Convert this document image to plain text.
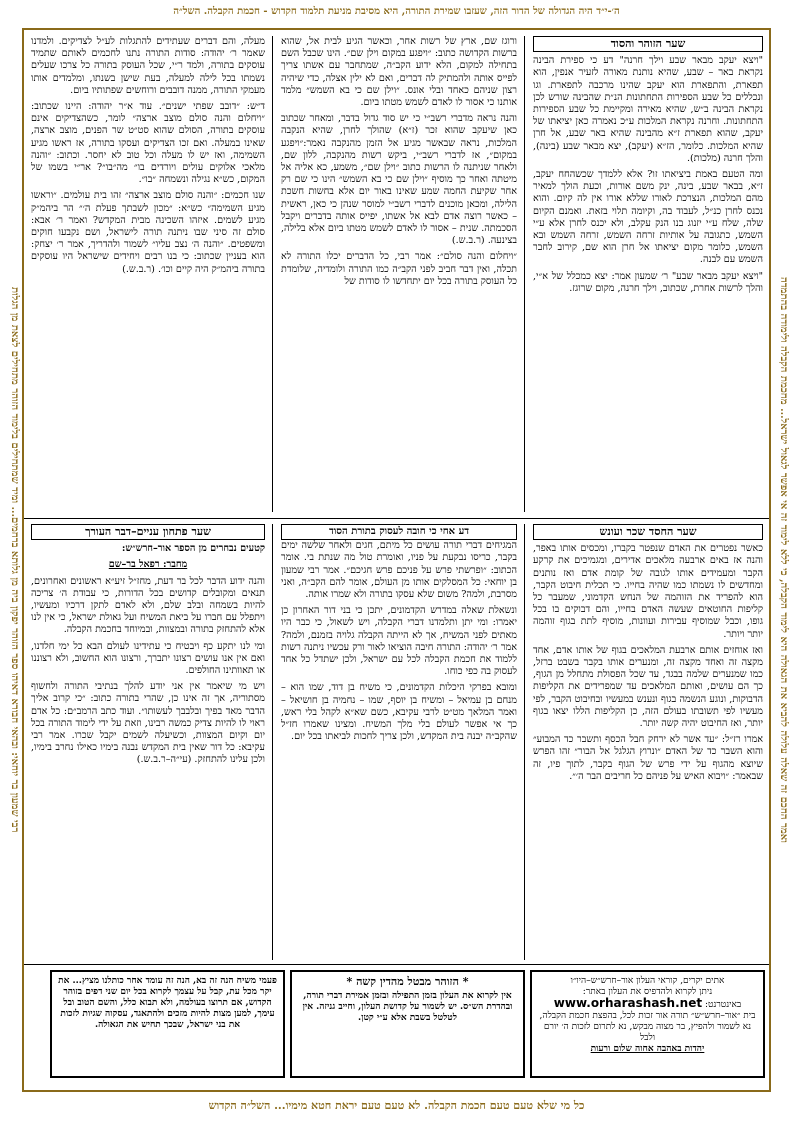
ה׳-י״ד היה הגדולה של הדור הזה, שעזבו שמירת התורה, היא מסיבת מניעת תלמוד חקדוש - חכמת הקבלה. השל״ה
רבי שמעון בר יוחאי: ובהאי חבורא דאיהו ספר הזוהר יפקון ביה מן גלותא ברחמים... ומיד שמתחילים בלימוד הזוהר מתחילים לצאת מן הגלות	ואמר החכם זה שאלה עלולה להביא את הגאולה היא לימוד הקבלה, כי ללא לימוד זה אי אפשר לגאול ישראל... מחכמת הקבלה ולימודה בהתמדה
שער הזוהר והסוד

"ויצא יעקב מבאר שבע וילך חרנה" דע כי ספירת הבינה נקראת באר – שבע, שהיא נותנת מאורה לזעיר אנפין, הוא תפארת, והתפארת הוא יעקב שהינו מרכבה לתפארת. וגו ונכללים כל שבע הספירות התחתונות הנ״ת שהבינה שורש לכן נקראת הבינה ב״ש, שהיא מאירה ומקיימת כל שבע הספירות התחתונות. וחרנה נקראת המלכות ע״כ נאמרה כאן יציאתו של יעקב, שהוא תפארת ז״א מהבינה שהיא באר שבע, אל חרן שהיא המלכות. כלומר, הז״א (יעקב), יצא מבאר שבע (בינה), והלך חרנה (מלכות).

ומה הטעם באמת ביציאתו זו? אלא ללמדך שכשהחח יעקב, ז״א, בבאר שבע, בינה, ינק משם אורות, וכעת הולך למאיר מהם המלכות, הנצרכת לאורו שללא אורו אין לה קיום. והוא נכנס לחרן כנ״ל, לעבוד בה, וקיומה תלוי בזאת. ואמנם הקיום שלה, שלח ע״י יזנוג בנו הנק עקלב, ולא יכנס לחרן אלא ע״י השמש, כתגובה על אותיות זרחה השמש, זרחה השמש ובא השמש, כלומר מקום יציאתו אל חרן הוא שם, קירוב לחבר השמש עם לבנה.

"ויצא יעקב מבאר שבע" ר׳ שמעון אמר: יצא כמכלל של א״י, והלך לרשות אחרת, שכתוב, וילך חרנה, מקום שרוגז.

ורוגז שם, ארץ של רשות אחר, וכאשר הגיע לבית אל, שהוא ברשות הקדושה כתוב: ״ויפגע במקום וילן שם״. הינו שכבל השם בתחילה למקום, הלא ידוע הקב״ה, שמתחבר עם אשתו צריך לפייס אותה ולהמתיק לה דברים, ואם לא ילין אצלה, כדי שיהיה רצון שניהם כאחד ובלי אונס. ״וילן שם כי בא השמש״ מלמד אותנו כי אסור לו לאדם לשמש מטתו ביום.

והנה נראה מדברי רשב״י כי יש סוד גדול בדבר, ומאחר שכתוב כאן שיעקב שהוא זכר (ז״א) שהולך לחרן, שהיא הנקבה המלכות, נראה שבאשר מגיע אל הזמן מהנקבה נאמר:״ויפגע במקום״, אז לדברי רשב״י, ביקש רשות מהנקבה, ללון שם, ולאחר שניתנה לו הרשות כתוב ״וילן שם״, משמע, כא אליה אל מיטתה ואחר כך מוסיף ״וילן שם כי בא השמש״ הינו כי שם רק אחר שקיעת החמה שמע שאינו באור יום אלא בחשות חשכת הלילה, ומכאן מוכנים לדברי רשב״י למוסר שנהן כי כאן, ראשית – כאשר רוצה אדם לבא אל אשתו, יפייס אותה בדברים ויקבל הסכמתה. שנית – אסור לו לאדם לשמש מטתו ביום אלא בלילה, בצינעה. (ר.ב.ש.)

״ויחלום והנה סולם״: אמר רבי, כל הדברים יכלו התורה לא תכלה, ואין דבר חביב לפני הקב״ה כמו התורה ולומדיה, שלומדת כל העוסק בתורה בכל יום יתחדשו לו סודות של

מעלה, והם דברים שעתידים להתגלות לע״ל לצדיקים. ולמדנו שאמר ר׳ יהודה: סודות התורה נתנו לחכמים לאותם שתמיד עוסקים בתורה, ולמד ר״י, שכל העוסק בתורה כל צרכו שעלים נשמתו בכל לילה למעלה, בעת שישן בשנתו, ומלמדים אותו מעמקי התורה, ממנה דובבים ורוחשים שפתותיו ביום.

ד״ש: ״דובב שפתי ישנים״. עוד א״ר יהודה: היינו שכתוב: ״ויחלום והנה סולם מוצב ארצה״ לומר, כשהצדיקים אינם עוסקים בתורה, הסולם שהוא סט״ט שר הפנים, מוצב ארצה, שאינו במעלה. ואם זכו הצדיקים ועסקו בתורה, אז ראשו מגיע השמימה, ואז יש לו מעלה וכל טוב לא יחסר. וכתוב: ״והנה מלאכי אלוקים עולים ויורדים בו״ מה״בו״? אר״י בשמו של המקום, כש״א נגילה ונשמחה ״בו״.

שנו חכמים: ״והנה סולם מוצב ארצה״ זהו בית עולמים. ״וראשו מגיע השמימה״ כש״א: ״מכון לשבתך פעלת ה׳״ הר ביהמ״ק מגיע לשמים. איזהו השכינה מבית המקדש? ואמר ר׳ אבא: סולם זה סיני שבו ניתנה תורה לישראל, ושם נקבעו חוקים ומשפטים. ״והנה ה׳ נצב עליו״ לשמור ולהדריך, אמר ר׳ יצחק: הוא בעניין שכתוב: כי בנו רבים ויחידים שישראל היו עוסקים בתורה ביהמ״ק היה קיים וכו׳. (ר.ב.ש.)

שער החסד שכר ועונש

כאשר נפטרים את האדם שנפטר בקברו, ומכסים אותו באפר, והנה אז באים ארבעה מלאכים אדירים, ומגמיכים את קרקע הקבר ומעמידים אותו לגובה של קומת אדם ואז נותנים ומחדשים לו נשמתו כמו שהיה בחייו. כי תכלית חיבוט הקבר, הוא להפריד את הזוהמה של הנחש הקדמוני, שמעבר כל קליפות החוטאים שעשה האדם בחייו, והם דבוקים בו בכל גופו, וכבל שמוסיף עבירות ועוונות, מוסיף לתת בגוף זוהמה יותר ויותר.

ואז אוחזים אותם ארבעת המלאכים בגוף של אותו אדם, אחד מקצה זה ואחד מקצה זה, ומנערים אותו בקבר בשבט ברזל, כמו שמנערים שלמה בבגד, עד שכל הפסולת מתחלל מן הגוף, כך הם עושים, ואותם המלאכים עד שמפרידים את הקליפות הדבוקות, ונוגע הנשמה בגוף ונענש במעשיו ובחיבוט הקבר, לפי מעשיו לפי תשובתו בעולם הזה, כן הקליפות הללו יצאו בגוף יותר, ואז החיבוט יהיה קשה יותר.

אמרו רז״ל: ״עד אשר לא ירחק חבל הכסף ותשבר כד המבוע״ והוא השבר כד של האדם ״ונרוץ הגלגל אל הבור״ זהו הפרש שיוצא מהגוף על ידי פרש של הגוף בקבר, לתוך פיו, זה שבאמר: ״ויבוא האיש על פניהם כל חריבים הבר ה׳״.

דע אחי כי חובה לעסוק בתורת הסוד

המגיחים דברי תורה עושים כל מיתם, חגים ולאחר שלשה ימים בקבר, כריסו נבקעת על פניו, ואומרת טול מה שנתת בי. אומר הכתוב: ״ופרשתי פרש על פניכם פרש חגיכם״. אמר רבי שמעון בן יוחאי: כל המסלקים אותו מן העולם, אומר להם הקב״ה, ואני מסרבת, ולמה? משום שלא עסקו בתורה ולא שמרו אותה.

ונשאלת שאלה במדרש הקדמונים, יתכן כי בני דור האחרון כן יאמרו: ומי יתן ותלמדנו דברי הקבלה, ויש לשאול, כי כבר היו מאתים לפני המשיח, אך לא הייתה הקבלה גלויה בזמנם, ולמה? אמר ר׳ יהודה: התורה חיבה הוציאו לאור ורק עכשיו ניתנה רשות ללמוד את חכמת הקבלה לכל עם ישראל, ולכן ישתדל כל אחד לעסוק בה כפי כוחו.

ומובא בפרקי היכלות הקדמונים, כי משיח בן דוד, שמו הוא – מנחם בן עמיאל – ומשיח בן יוסף, שמו – נחמיה בן חושיאל – ואמר המלאך מט״ט לרבי עקיבא, כשם שא״א לקהל בלי ראש, כך אי אפשר לעולם בלי מלך המשיח. ומצינו שאמרו חז״ל שהקב״ה יבנה בית המקדש, ולכן צריך לחכות לביאתו בכל יום.

שער פתחון עניים–דבר העורך

קטעים נבחרים מן הספר אור–חרש״ש:

מחבר: רפאל בר–שם

והנה ידוע הדבר לכל בר דעת, מחז״ל זיע״א ראשונים ואחרונים, תנאים ומקובלים קדושים בכל הדורות, כי עבודת ה׳ צריכה להיות בשמחה ובלב שלם, ולא לאדם לתקן דרכיו ומעשיו, ויתפלל עם חברו על ביאת המשיח ועל גאולת ישראל, כי אין לנו אלא להתחזק בתורה ובמצוות, ובמיוחד בחכמת הקבלה.

ומי לנו יתקע כף ויבטיח כי עתידינו לעולם הבא כל ימי חלדנו, ואם אין אנו עושים רצונו יתברך, ורצונו הוא החשוב, ולא רצוננו או תאוותינו החולפים.

ויש מי שיאמר אין אני יודע להלך בנתיבי התורה ולחשוף מסתוריה, אך זה אינו כן, שהרי בתורה כתוב: ״כי קרוב אליך הדבר מאד בפיך ובלבבך לעשותו״. ועוד כתב הרמב״ם: כל אדם ראוי לו להיות צדיק כמשה רבינו, וזאת על ידי לימוד התורה בכל יום וקיום המצוות, וכשיעלה לשמים יקבל שכרו. אמר רבי עקיבא: כל דור שאין בית המקדש נבנה בימיו כאילו נחרב בימיו, ולכן עלינו להתחזק. (עי״ה–ר.ב.ש.)

אתים יקרים, קוראי העלון אור–חרש״ש–היו״ו
ניתן לקרוא ולהדפיס את העלון באתר:
באינטרנט: www.orharashash.net
בית ״אור–חרש״ש״ תורה אור זכות לכל, בהפצת חכמת הקבלה, נא לשמור ולהפיץ, בר מצוה מבקש, נא לתרום לזכות ה׳ יורם ולבל
יהדות באהבה אחוה שלום ורעות
* הזוהר מבטל מהדין קשה *
אין לקרוא את העלון בזמן התפילה ובזמן אמירת דברי תורה, ובהדרת הש״ס. יש לשמור על קדושת העלון, וחייב גניזה. אין לטלטל בשבת אלא ע״י קטן.
פעמי משיח הנה זה בא, הנה זה עומד אחר כותלנו מציץ... את יקר מכל עת, קבל על עצמך לקרוא בכל יום שני דפים בזוהר הקדוש, אם תרוצו בעולמה, ולא תבוא כלל, והשם הטוב ובל עימך, למען מצות להיות מזכים ולהתאגד, עסקוה שגיות לזכות את בני ישראל, שבכך תחיש את הגאולה.
כל מי שלא טעם טעם חכמת הקבלה. לא טעם טעם יראת חטא מימיו... השל״ה הקדוש
